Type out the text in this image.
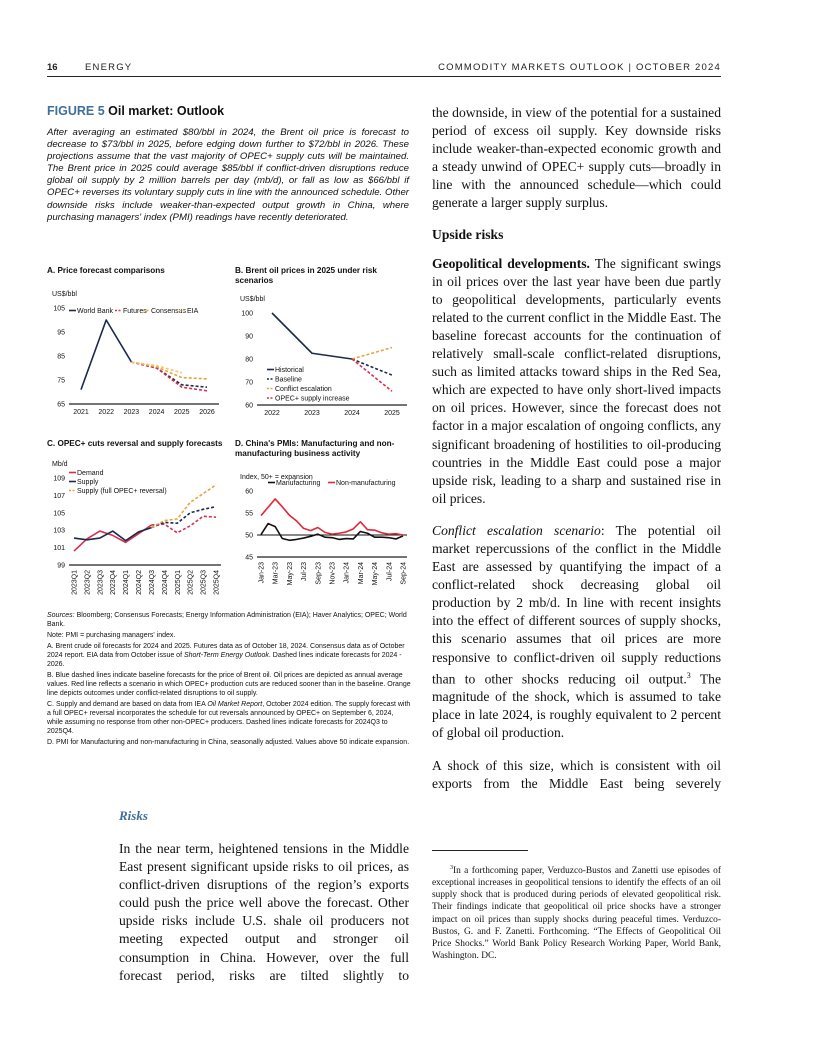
16	ENERGY	COMMODITY MARKETS OUTLOOK | OCTOBER 2024

FIGURE 5 Oil market: Outlook

After averaging an estimated $80/bbl in 2024, the Brent oil price is forecast to decrease to $73/bbl in 2025, before edging down further to $72/bbl in 2026. These projections assume that the vast majority of OPEC+ supply cuts will be maintained. The Brent price in 2025 could average $85/bbl if conflict-driven disruptions reduce global oil supply by 2 million barrels per day (mb/d), or fall as low as $66/bbl if OPEC+ reverses its voluntary supply cuts in line with the announced schedule. Other downside risks include weaker-than-expected output growth in China, where purchasing managers' index (PMI) readings have recently deteriorated.

A. Price forecast comparisons	B. Brent oil prices in 2025 under risk scenarios
C. OPEC+ cuts reversal and supply forecasts	D. China's PMIs: Manufacturing and non-manufacturing business activity
US$/bbl
65
75
85
95
105
2021 2022 2023 2024 2025 2026
World Bank Futures Consensus EIA
US$/bbl
60
70
80
90
100
2022	2023	2024	2025
Historical
Baseline
Conflict escalation
OPEC+ supply increase
Mb/d
99
101
103
105
107
109
2023Q1 2023Q2 2023Q3 2023Q4 2024Q1 2024Q2 2024Q3 2024Q4 2025Q1 2025Q2 2025Q3 2025Q4
Demand
Supply
Supply (full OPEC+ reversal)
Index, 50+ = expansion
45
50
55
60
Jan-23 Mar-23 May-23 Jul-23 Sep-23 Nov-23 Jan-24 Mar-24 May-24 Jul-24 Sep-24
Manufacturing Non-manufacturing

Sources: Bloomberg; Consensus Forecasts; Energy Information Administration (EIA); Haver Analytics; OPEC; World Bank.

Note: PMI = purchasing managers' index.

A. Brent crude oil forecasts for 2024 and 2025. Futures data as of October 18, 2024. Consensus data as of October 2024 report. EIA data from October issue of Short-Term Energy Outlook. Dashed lines indicate forecasts for 2024 - 2026.

B. Blue dashed lines indicate baseline forecasts for the price of Brent oil. Oil prices are depicted as annual average values. Red line reflects a scenario in which OPEC+ production cuts are reduced sooner than in the baseline. Orange line depicts outcomes under conflict-related disruptions to oil supply.

C. Supply and demand are based on data from IEA Oil Market Report, October 2024 edition. The supply forecast with a full OPEC+ reversal incorporates the schedule for cut reversals announced by OPEC+ on September 6, 2024, while assuming no response from other non-OPEC+ producers. Dashed lines indicate forecasts for 2024Q3 to 2025Q4.

D. PMI for Manufacturing and non-manufacturing in China, seasonally adjusted. Values above 50 indicate expansion.

Risks

In the near term, heightened tensions in the Middle East present significant upside risks to oil prices, as conflict-driven disruptions of the region’s exports could push the price well above the forecast. Other upside risks include U.S. shale oil producers not meeting expected output and stronger oil consumption in China. However, over the full forecast period, risks are tilted slightly to

the downside, in view of the potential for a sustained period of excess oil supply. Key downside risks include weaker-than-expected economic growth and a steady unwind of OPEC+ supply cuts—broadly in line with the announced schedule—which could generate a larger supply surplus.

Upside risks

Geopolitical developments. The significant swings in oil prices over the last year have been due partly to geopolitical developments, particularly events related to the current conflict in the Middle East. The baseline forecast accounts for the continuation of relatively small-scale conflict-related disruptions, such as limited attacks toward ships in the Red Sea, which are expected to have only short-lived impacts on oil prices. However, since the forecast does not factor in a major escalation of ongoing conflicts, any significant broadening of hostilities to oil-producing countries in the Middle East could pose a major upside risk, leading to a sharp and sustained rise in oil prices.

Conflict escalation scenario: The potential oil market repercussions of the conflict in the Middle East are assessed by quantifying the impact of a conflict-related shock decreasing global oil production by 2 mb/d. In line with recent insights into the effect of different sources of supply shocks, this scenario assumes that oil prices are more responsive to conflict-driven oil supply reductions than to other shocks reducing oil output.$^3$ The magnitude of the shock, which is assumed to take place in late 2024, is roughly equivalent to 2 percent of global oil production.

A shock of this size, which is consistent with oil exports from the Middle East being severely

$^3$In a forthcoming paper, Verduzco-Bustos and Zanetti use episodes of exceptional increases in geopolitical tensions to identify the effects of an oil supply shock that is produced during periods of elevated geopolitical risk. Their findings indicate that geopolitical oil price shocks have a stronger impact on oil prices than supply shocks during peaceful times. Verduzco-Bustos, G. and F. Zanetti. Forthcoming. “The Effects of Geopolitical Oil Price Shocks.” World Bank Policy Research Working Paper, World Bank, Washington. DC.
